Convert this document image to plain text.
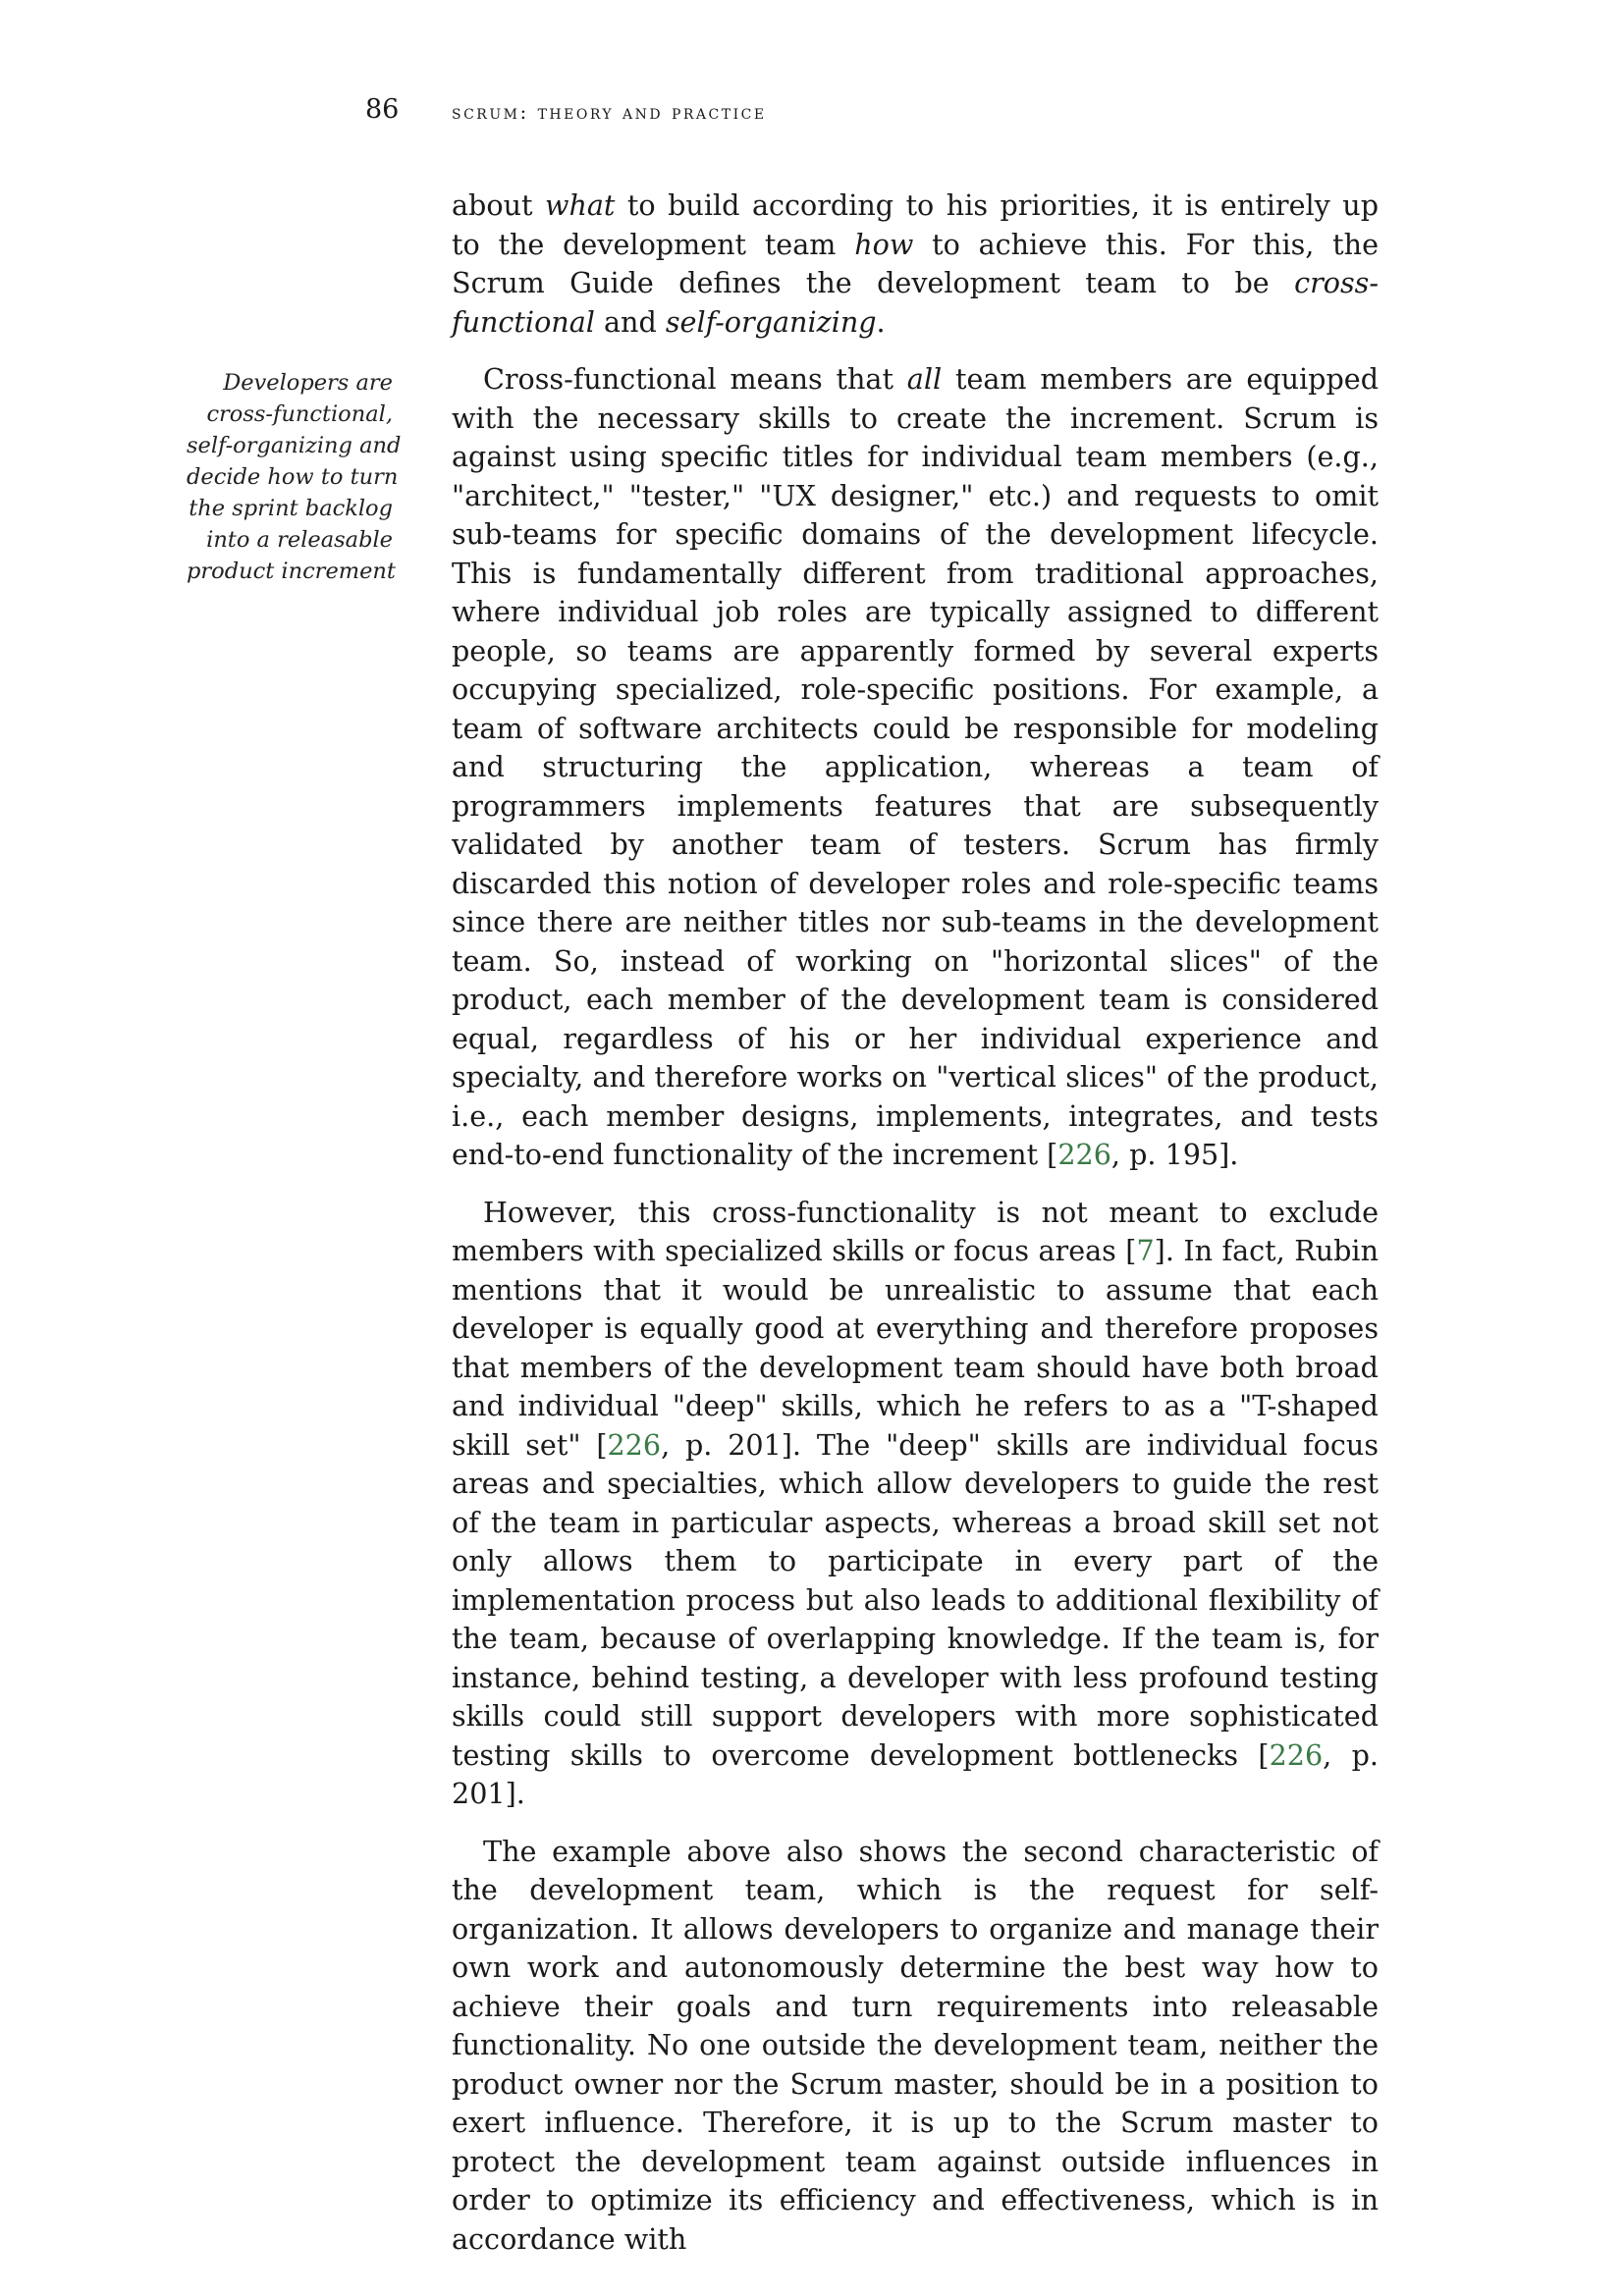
86	scrum: theory and practice
Developers are
cross-functional,
self-organizing and
decide how to turn
the sprint backlog
into a releasable
product increment

about what to build according to his priorities, it is entirely up to the development team how to achieve this. For this, the Scrum Guide defines the development team to be cross-functional and self-organizing.

Cross-functional means that all team members are equipped with the necessary skills to create the increment. Scrum is against using specific titles for individual team members (e.g., "architect," "tester," "UX designer," etc.) and requests to omit sub-teams for specific domains of the development lifecycle. This is fundamentally different from traditional approaches, where individual job roles are typically assigned to different people, so teams are apparently formed by several experts occupying specialized, role-specific positions. For example, a team of software architects could be responsible for modeling and structuring the application, whereas a team of programmers implements features that are subsequently validated by another team of testers. Scrum has firmly discarded this notion of developer roles and role-specific teams since there are neither titles nor sub-teams in the development team. So, instead of working on "horizontal slices" of the product, each member of the development team is considered equal, regardless of his or her individual experience and specialty, and therefore works on "vertical slices" of the product, i.e., each member designs, implements, integrates, and tests end-to-end functionality of the increment [226, p. 195].

However, this cross-functionality is not meant to exclude members with specialized skills or focus areas [7]. In fact, Rubin mentions that it would be unrealistic to assume that each developer is equally good at everything and therefore proposes that members of the development team should have both broad and individual "deep" skills, which he refers to as a "T-shaped skill set" [226, p. 201]. The "deep" skills are individual focus areas and specialties, which allow developers to guide the rest of the team in particular aspects, whereas a broad skill set not only allows them to participate in every part of the implementation process but also leads to additional flexibility of the team, because of overlapping knowledge. If the team is, for instance, behind testing, a developer with less profound testing skills could still support developers with more sophisticated testing skills to overcome development bottlenecks [226, p. 201].

The example above also shows the second characteristic of the development team, which is the request for self-organization. It allows developers to organize and manage their own work and autonomously determine the best way how to achieve their goals and turn requirements into releasable functionality. No one outside the development team, neither the product owner nor the Scrum master, should be in a position to exert influence. Therefore, it is up to the Scrum master to protect the development team against outside influences in order to optimize its efficiency and effectiveness, which is in accordance with
